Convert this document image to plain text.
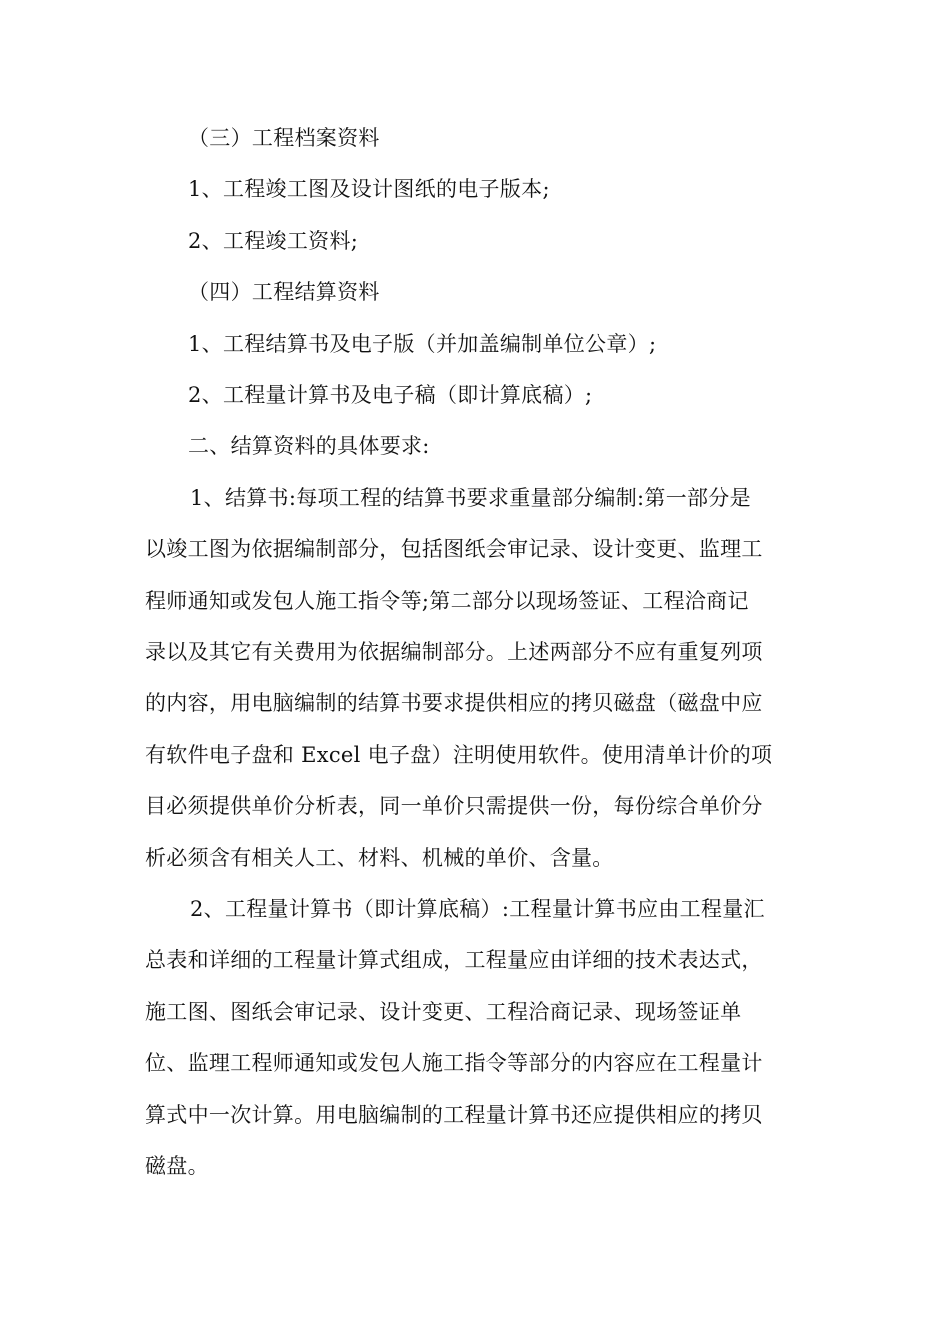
（三）工程档案资料
1、工程竣工图及设计图纸的电子版本;
2、工程竣工资料;
（四）工程结算资料
1、工程结算书及电子版（并加盖编制单位公章）;
2、工程量计算书及电子稿（即计算底稿）;
二、结算资料的具体要求:
1、结算书:每项工程的结算书要求重量部分编制:第一部分是
以竣工图为依据编制部分，包括图纸会审记录、设计变更、监理工
程师通知或发包人施工指令等;第二部分以现场签证、工程洽商记
录以及其它有关费用为依据编制部分。上述两部分不应有重复列项
的内容，用电脑编制的结算书要求提供相应的拷贝磁盘（磁盘中应
有软件电子盘和 Excel 电子盘）注明使用软件。使用清单计价的项
目必须提供单价分析表，同一单价只需提供一份，每份综合单价分
析必须含有相关人工、材料、机械的单价、含量。
2、工程量计算书（即计算底稿）:工程量计算书应由工程量汇
总表和详细的工程量计算式组成，工程量应由详细的技术表达式，
施工图、图纸会审记录、设计变更、工程洽商记录、现场签证单
位、监理工程师通知或发包人施工指令等部分的内容应在工程量计
算式中一次计算。用电脑编制的工程量计算书还应提供相应的拷贝
磁盘。
